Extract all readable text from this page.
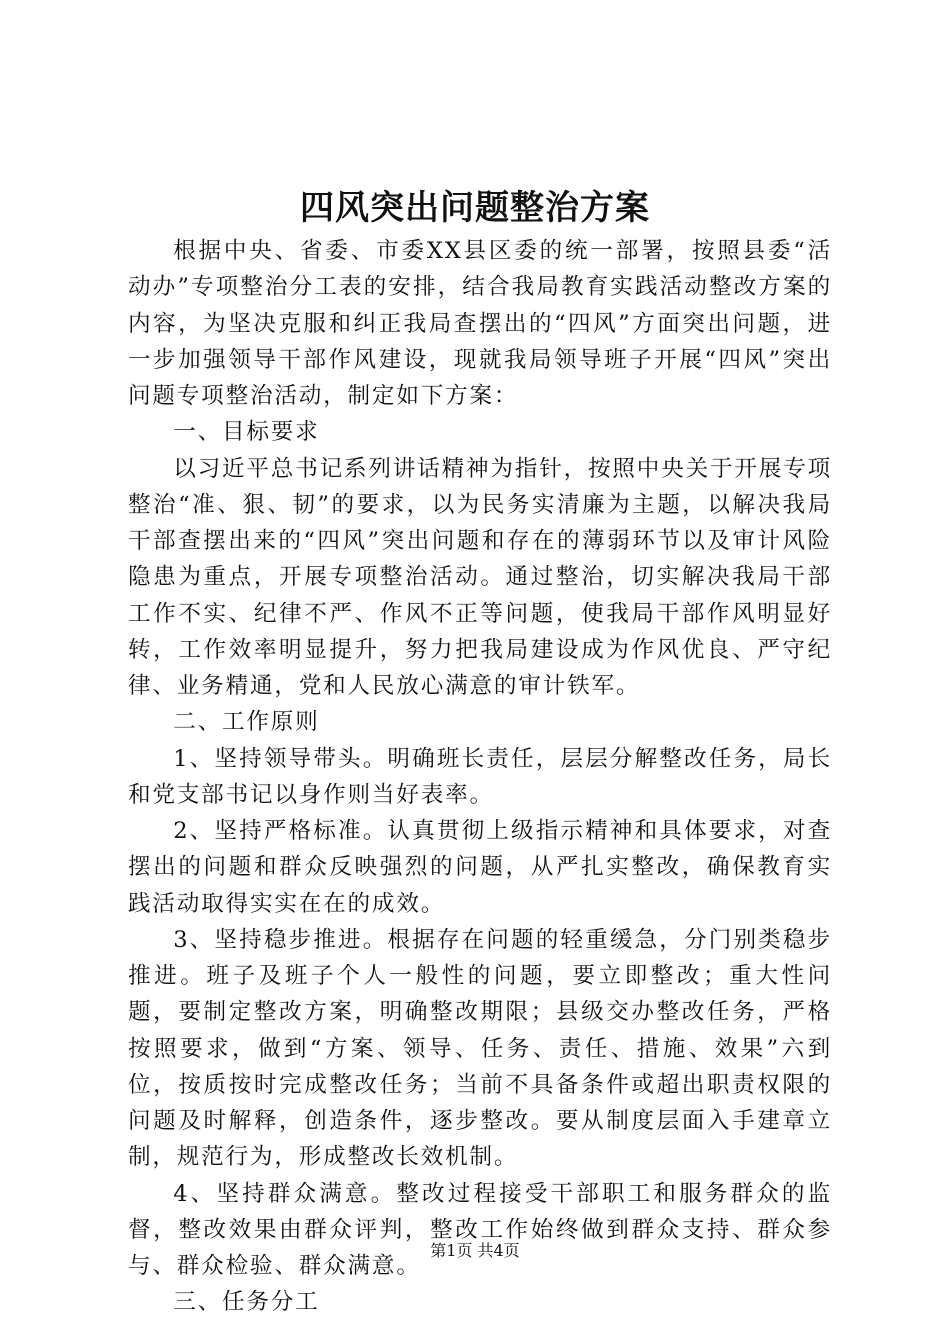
四风突出问题整治方案

根据中央、省委、市委XX县区委的统一部署，按照县委“活动办”专项整治分工表的安排，结合我局教育实践活动整改方案的内容，为坚决克服和纠正我局查摆出的“四风”方面突出问题，进一步加强领导干部作风建设，现就我局领导班子开展“四风”突出问题专项整治活动，制定如下方案：

一、目标要求

以习近平总书记系列讲话精神为指针，按照中央关于开展专项整治“准、狠、韧”的要求，以为民务实清廉为主题，以解决我局干部查摆出来的“四风”突出问题和存在的薄弱环节以及审计风险隐患为重点，开展专项整治活动。通过整治，切实解决我局干部工作不实、纪律不严、作风不正等问题，使我局干部作风明显好转，工作效率明显提升，努力把我局建设成为作风优良、严守纪律、业务精通，党和人民放心满意的审计铁军。

二、工作原则

1、坚持领导带头。明确班长责任，层层分解整改任务，局长和党支部书记以身作则当好表率。

2、坚持严格标准。认真贯彻上级指示精神和具体要求，对查摆出的问题和群众反映强烈的问题，从严扎实整改，确保教育实践活动取得实实在在的成效。

3、坚持稳步推进。根据存在问题的轻重缓急，分门别类稳步推进。班子及班子个人一般性的问题，要立即整改；重大性问题，要制定整改方案，明确整改期限；县级交办整改任务，严格按照要求，做到“方案、领导、任务、责任、措施、效果”六到位，按质按时完成整改任务；当前不具备条件或超出职责权限的问题及时解释，创造条件，逐步整改。要从制度层面入手建章立制，规范行为，形成整改长效机制。

4、坚持群众满意。整改过程接受干部职工和服务群众的监督，整改效果由群众评判，整改工作始终做到群众支持、群众参与、群众检验、群众满意。

三、任务分工

第1页 共4页
